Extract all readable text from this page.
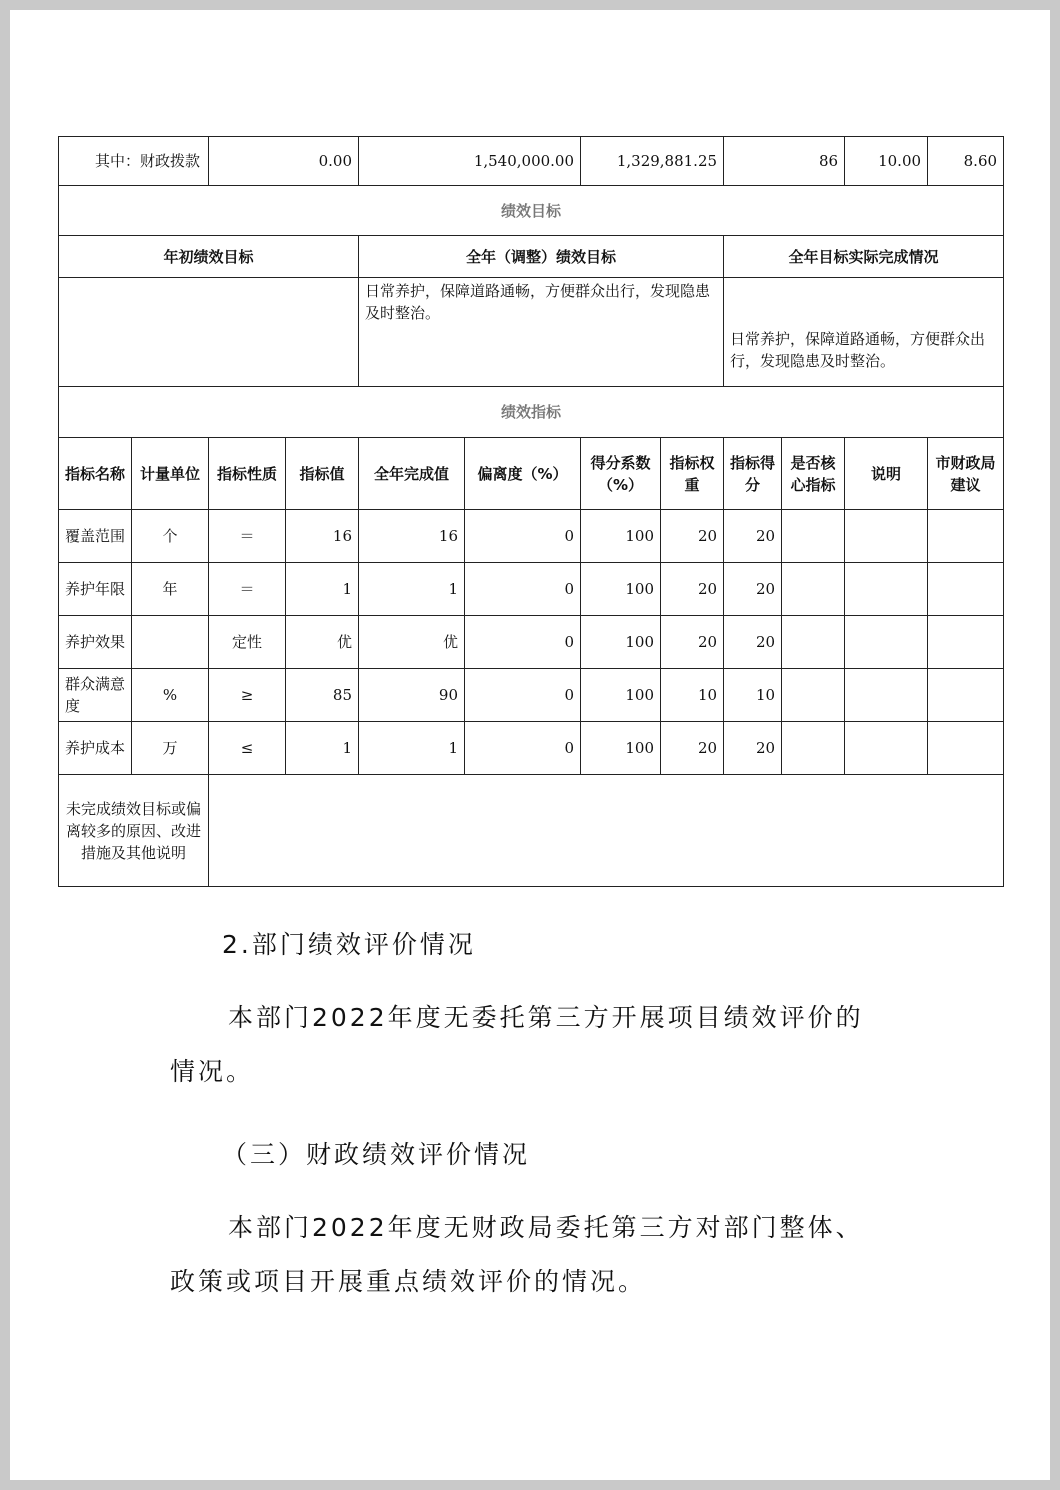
其中：财政拨款		0.00		1,540,000.00		1,329,881.25		86		10.00	8.60
绩效目标											
年初绩效目标				全年（调整）绩效目标				全年目标实际完成情况			
				日常养护，保障道路通畅，方便群众出行，发现隐患及时整治。				日常养护，保障道路通畅，方便群众出行，发现隐患及时整治。			
绩效指标											
指标名称	计量单位	指标性质	指标值	全年完成值	偏离度（%）	得分系数（%）	指标权重	指标得分	是否核心指标	说明	市财政局建议
覆盖范围	个	＝	16	16	0	100	20	20			
养护年限	年	＝	1	1	0	100	20	20			
养护效果		定性	优	优	0	100	20	20			
群众满意度	%	≥	85	90	0	100	10	10			
养护成本	万	≤	1	1	0	100	20	20			
未完成绩效目标或偏离较多的原因、改进措施及其他说明											

2.部门绩效评价情况

本部门2022年度无委托第三方开展项目绩效评价的情况。

（三）财政绩效评价情况

本部门2022年度无财政局委托第三方对部门整体、政策或项目开展重点绩效评价的情况。
